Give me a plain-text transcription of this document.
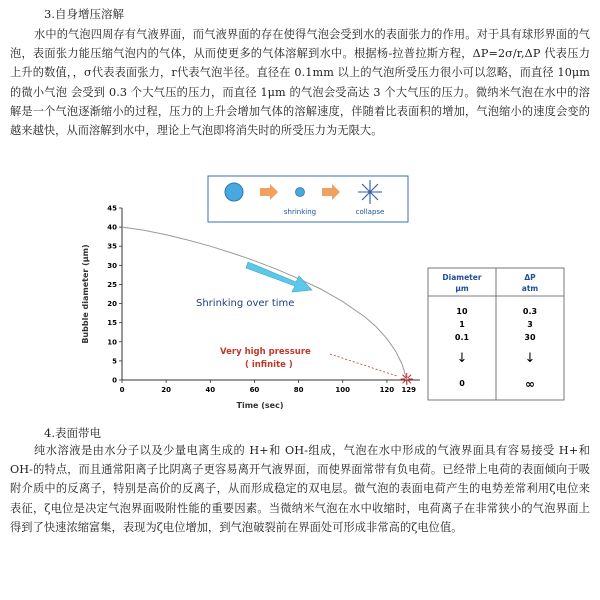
3.自身增压溶解
水中的气泡四周存有气液界面，而气液界面的存在使得气泡会受到水的表面张力的作用。对于具有球形界面的气泡，表面张力能压缩气泡内的气体，从而使更多的气体溶解到水中。根据杨-拉普拉斯方程，ΔP=2σ/r,ΔP 代表压力上升的数值，，σ代表表面张力，r代表气泡半径。直径在 0.1mm 以上的气泡所受压力很小可以忽略，而直径 10μm 的微小气泡 会受到 0.3 个大气压的压力，而直径 1μm 的气泡会受高达 3 个大气压的压力。微纳米气泡在水中的溶解是一个气泡逐渐缩小的过程，压力的上升会增加气体的溶解速度，伴随着比表面积的增加，气泡缩小的速度会变的越来越快，从而溶解到水中，理论上气泡即将消失时的所受压力为无限大。
shrinking	collapse
0
5
10
15
20
25
30
35
40
45
0	20	40	60	80	100	120 129
Bubble diameter (μm)
Time (sec)
Shrinking over time
Very high pressure
( infinite )
Diameter
μm
ΔP
atm
10	0.3
1	3
0.1	30
↓	↓
0	∞
4.表面带电
纯水溶液是由水分子以及少量电离生成的 H+和 OH-组成，气泡在水中形成的气液界面具有容易接受 H+和 OH-的特点，而且通常阳离子比阴离子更容易离开气液界面，而使界面常带有负电荷。已经带上电荷的表面倾向于吸附介质中的反离子，特别是高价的反离子，从而形成稳定的双电层。微气泡的表面电荷产生的电势差常利用ζ电位来表征，ζ电位是决定气泡界面吸附性能的重要因素。当微纳米气泡在水中收缩时，电荷离子在非常狭小的气泡界面上得到了快速浓缩富集，表现为ζ电位增加，到气泡破裂前在界面处可形成非常高的ζ电位值。
